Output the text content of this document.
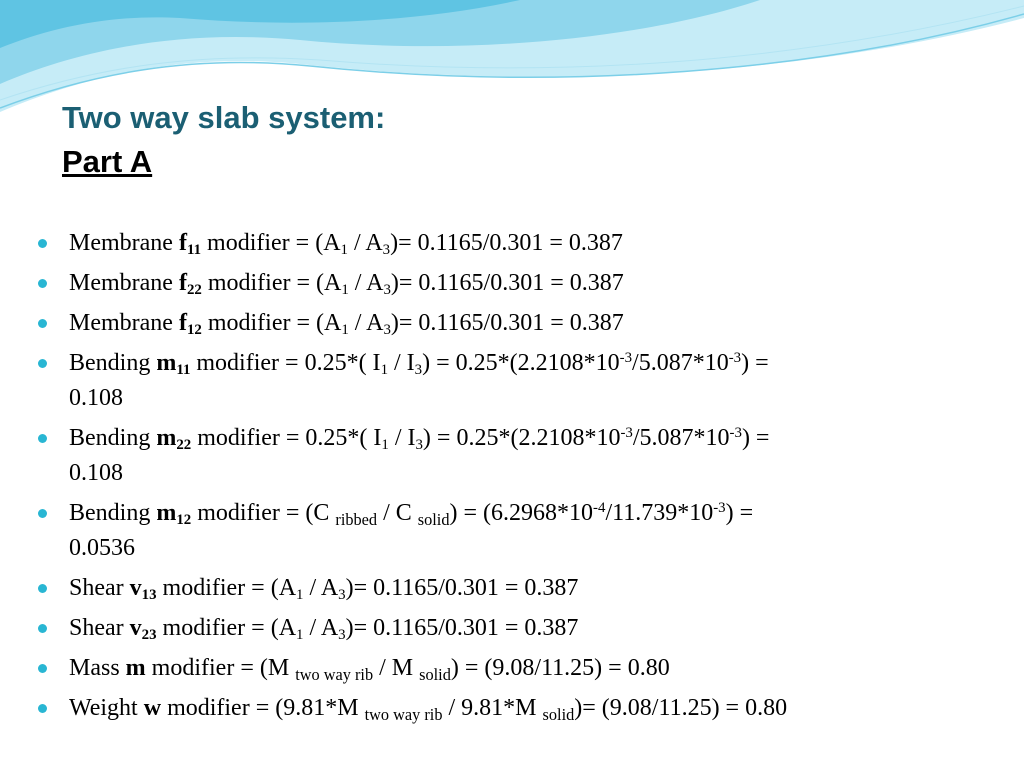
Two way slab system:
Part A
Membrane $f_{11}$ modifier = $(A_1 / A_3)= 0.1165/0.301 = 0.387$
Membrane $f_{22}$ modifier = $(A_1 / A_3)= 0.1165/0.301 = 0.387$
Membrane $f_{12}$ modifier = $(A_1 / A_3)= 0.1165/0.301 = 0.387$
Bending $m_{11}$ modifier = 0.25*( $I_1 / I_3) = 0.25*(2.2108*10^{-3}/5.087*10^{-3})$ =
0.108
Bending $m_{22}$ modifier = 0.25*( $I_1 / I_3) = 0.25*(2.2108*10^{-3}/5.087*10^{-3})$ =
0.108
Bending $m_{12}$ modifier = (C $_{ribbed}$ / C $_{solid}) = (6.2968*10^{-4}/11.739*10^{-3})$ =
0.0536
Shear $v_{13}$ modifier = $(A_1 / A_3)= 0.1165/0.301 = 0.387$
Shear $v_{23}$ modifier = $(A_1 / A_3)= 0.1165/0.301 = 0.387$
Mass m modifier = (M $_{two way rib}$ / M $_{solid}$) = (9.08/11.25) = 0.80
Weight w modifier = (9.81*M $_{two way rib}$ / 9.81*M $_{solid}$)= (9.08/11.25) = 0.80
